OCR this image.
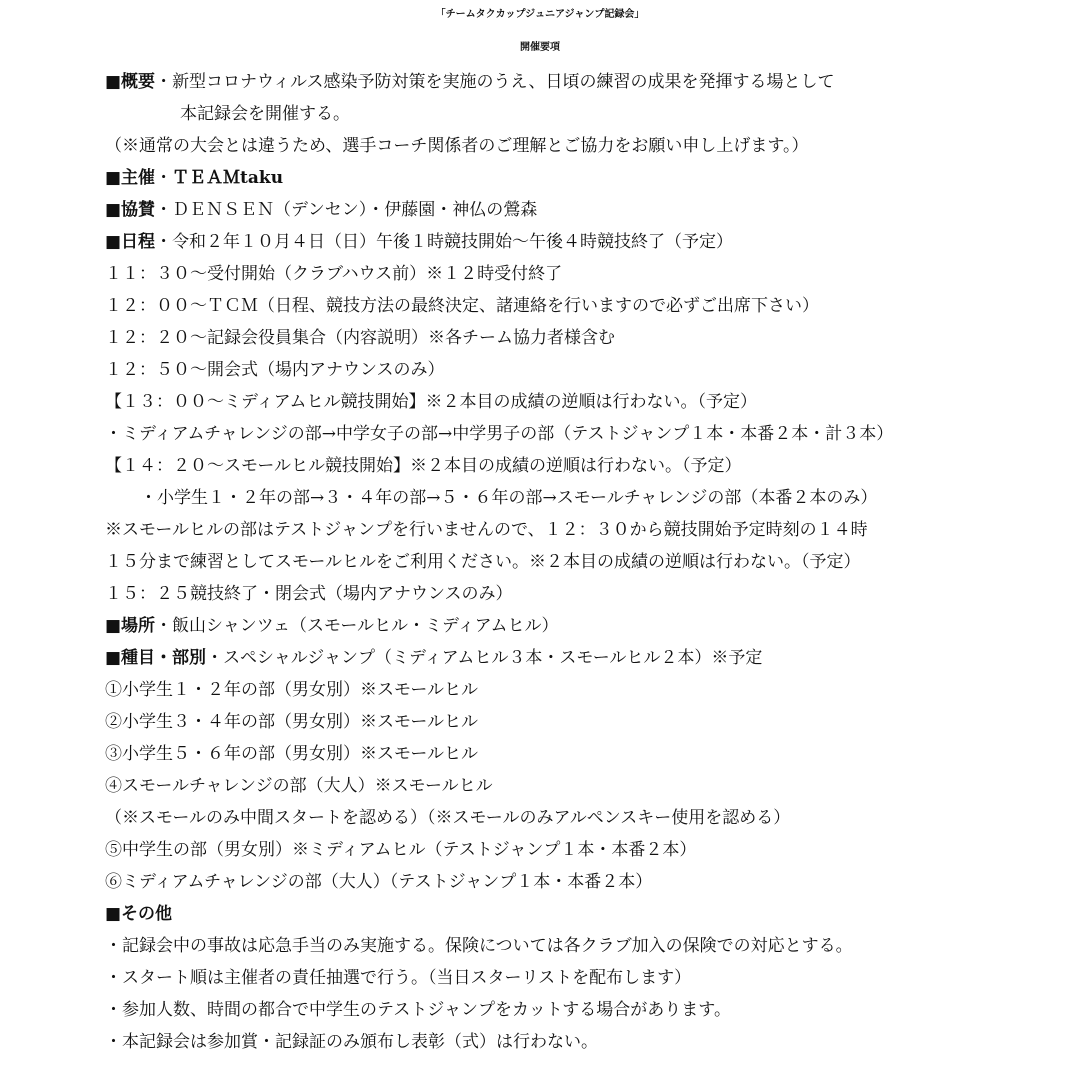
「チームタクカップジュニアジャンプ記録会」
開催要項
■概要・新型コロナウィルス感染予防対策を実施のうえ、日頃の練習の成果を発揮する場として
本記録会を開催する。
（※通常の大会とは違うため、選手コーチ関係者のご理解とご協力をお願い申し上げます。）
■主催・ＴＥＡＭtaku
■協賛・ＤＥＮＳＥＮ（デンセン）・伊藤園・神仏の鶯森
■日程・令和２年１０月４日（日）午後１時競技開始〜午後４時競技終了（予定）
１１：３０〜受付開始（クラブハウス前）※１２時受付終了
１２：００〜ＴＣＭ（日程、競技方法の最終決定、諸連絡を行いますので必ずご出席下さい）
１２：２０〜記録会役員集合（内容説明）※各チーム協力者様含む
１２：５０〜開会式（場内アナウンスのみ）
【１３：００〜ミディアムヒル競技開始】※２本目の成績の逆順は行わない。（予定）
・ミディアムチャレンジの部→中学女子の部→中学男子の部（テストジャンプ１本・本番２本・計３本）
【１４：２０〜スモールヒル競技開始】※２本目の成績の逆順は行わない。（予定）
・小学生１・２年の部→３・４年の部→５・６年の部→スモールチャレンジの部（本番２本のみ）
※スモールヒルの部はテストジャンプを行いませんので、１２：３０から競技開始予定時刻の１４時
１５分まで練習としてスモールヒルをご利用ください。※２本目の成績の逆順は行わない。（予定）
１５：２５競技終了・閉会式（場内アナウンスのみ）
■場所・飯山シャンツェ（スモールヒル・ミディアムヒル）
■種目・部別・スペシャルジャンプ（ミディアムヒル３本・スモールヒル２本）※予定
①小学生１・２年の部（男女別）※スモールヒル
②小学生３・４年の部（男女別）※スモールヒル
③小学生５・６年の部（男女別）※スモールヒル
④スモールチャレンジの部（大人）※スモールヒル
（※スモールのみ中間スタートを認める）（※スモールのみアルペンスキー使用を認める）
⑤中学生の部（男女別）※ミディアムヒル（テストジャンプ１本・本番２本）
⑥ミディアムチャレンジの部（大人）（テストジャンプ１本・本番２本）
■その他
・記録会中の事故は応急手当のみ実施する。保険については各クラブ加入の保険での対応とする。
・スタート順は主催者の責任抽選で行う。（当日スターリストを配布します）
・参加人数、時間の都合で中学生のテストジャンプをカットする場合があります。
・本記録会は参加賞・記録証のみ頒布し表彰（式）は行わない。
